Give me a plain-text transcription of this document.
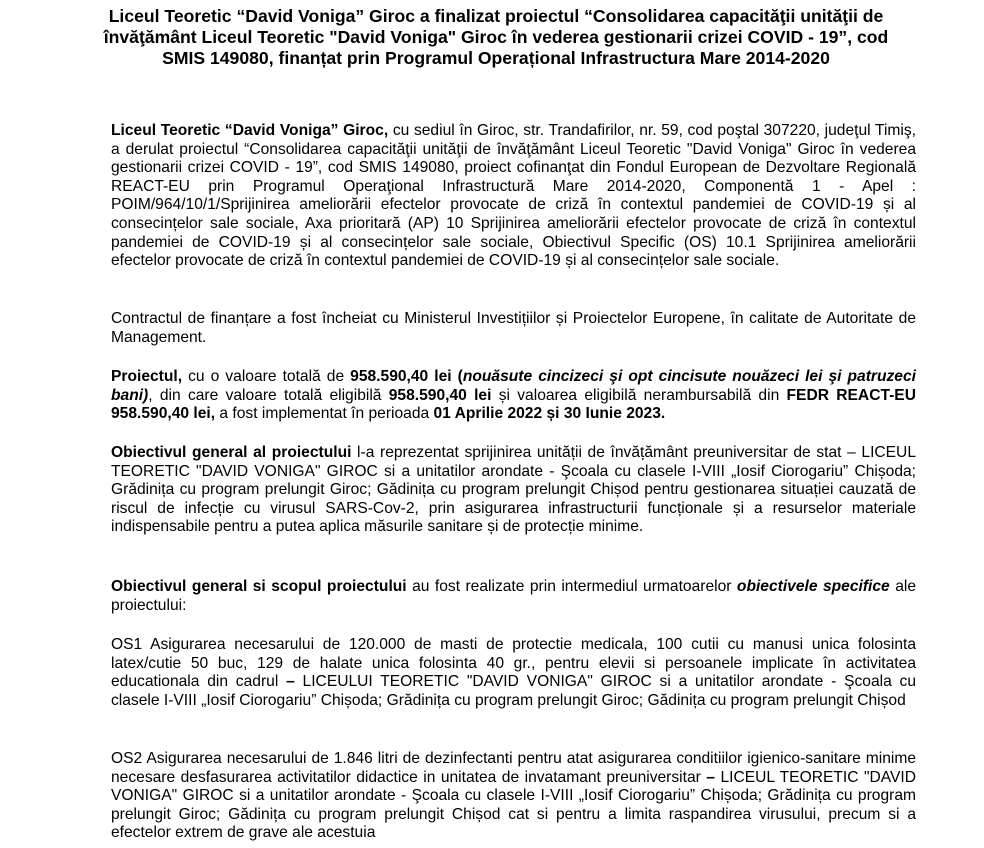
Liceul Teoretic “David Voniga” Giroc a finalizat proiectul “Consolidarea capacităţii unităţii de învăţământ Liceul Teoretic "David Voniga" Giroc în vederea gestionarii crizei COVID - 19”, cod SMIS 149080, finanțat prin Programul Operațional Infrastructura Mare 2014-2020

Liceul Teoretic “David Voniga” Giroc, cu sediul în Giroc, str. Trandafirilor, nr. 59, cod poştal 307220, judeţul Timiş, a derulat proiectul “Consolidarea capacităţii unităţii de învăţământ Liceul Teoretic "David Voniga" Giroc în vederea gestionarii crizei COVID - 19”, cod SMIS 149080, proiect cofinanţat din Fondul European de Dezvoltare Regională REACT-EU prin Programul Operaţional Infrastructură Mare 2014-2020, Componentă 1 - Apel : POIM/964/10/1/Sprijinirea ameliorării efectelor provocate de criză în contextul pandemiei de COVID-19 și al consecințelor sale sociale, Axa prioritară (AP) 10 Sprijinirea ameliorării efectelor provocate de criză în contextul pandemiei de COVID-19 și al consecințelor sale sociale, Obiectivul Specific (OS) 10.1 Sprijinirea ameliorării efectelor provocate de criză în contextul pandemiei de COVID-19 și al consecințelor sale sociale.

Contractul de finanțare a fost încheiat cu Ministerul Investițiilor și Proiectelor Europene, în calitate de Autoritate de Management.

Proiectul, cu o valoare totală de 958.590,40 lei (nouăsute cincizeci şi opt cincisute nouăzeci lei şi patruzeci bani), din care valoare totală eligibilă 958.590,40 lei și valoarea eligibilă nerambursabilă din FEDR REACT-EU 958.590,40 lei, a fost implementat în perioada 01 Aprilie 2022 și 30 Iunie 2023.

Obiectivul general al proiectului l-a reprezentat sprijinirea unității de învățământ preuniversitar de stat – LICEUL TEORETIC "DAVID VONIGA" GIROC si a unitatilor arondate - Şcoala cu clasele I-VIII „Iosif Ciorogariu” Chișoda; Grădinița cu program prelungit Giroc; Gădinița cu program prelungit Chișod pentru gestionarea situației cauzată de riscul de infecție cu virusul SARS-Cov-2, prin asigurarea infrastructurii funcționale și a resurselor materiale indispensabile pentru a putea aplica măsurile sanitare și de protecție minime.

Obiectivul general si scopul proiectului au fost realizate prin intermediul urmatoarelor obiectivele specifice ale proiectului:

OS1 Asigurarea necesarului de 120.000 de masti de protectie medicala, 100 cutii cu manusi unica folosinta latex/cutie 50 buc, 129 de halate unica folosinta 40 gr., pentru elevii si persoanele implicate în activitatea educationala din cadrul – LICEULUI TEORETIC "DAVID VONIGA" GIROC si a unitatilor arondate - Şcoala cu clasele I-VIII „Iosif Ciorogariu” Chișoda; Grădinița cu program prelungit Giroc; Gădinița cu program prelungit Chișod

OS2 Asigurarea necesarului de 1.846 litri de dezinfectanti pentru atat asigurarea conditiilor igienico-sanitare minime necesare desfasurarea activitatilor didactice in unitatea de invatamant preuniversitar – LICEUL TEORETIC "DAVID VONIGA" GIROC si a unitatilor arondate - Şcoala cu clasele I-VIII „Iosif Ciorogariu” Chișoda; Grădinița cu program prelungit Giroc; Gădinița cu program prelungit Chișod cat si pentru a limita raspandirea virusului, precum si a efectelor extrem de grave ale acestuia
